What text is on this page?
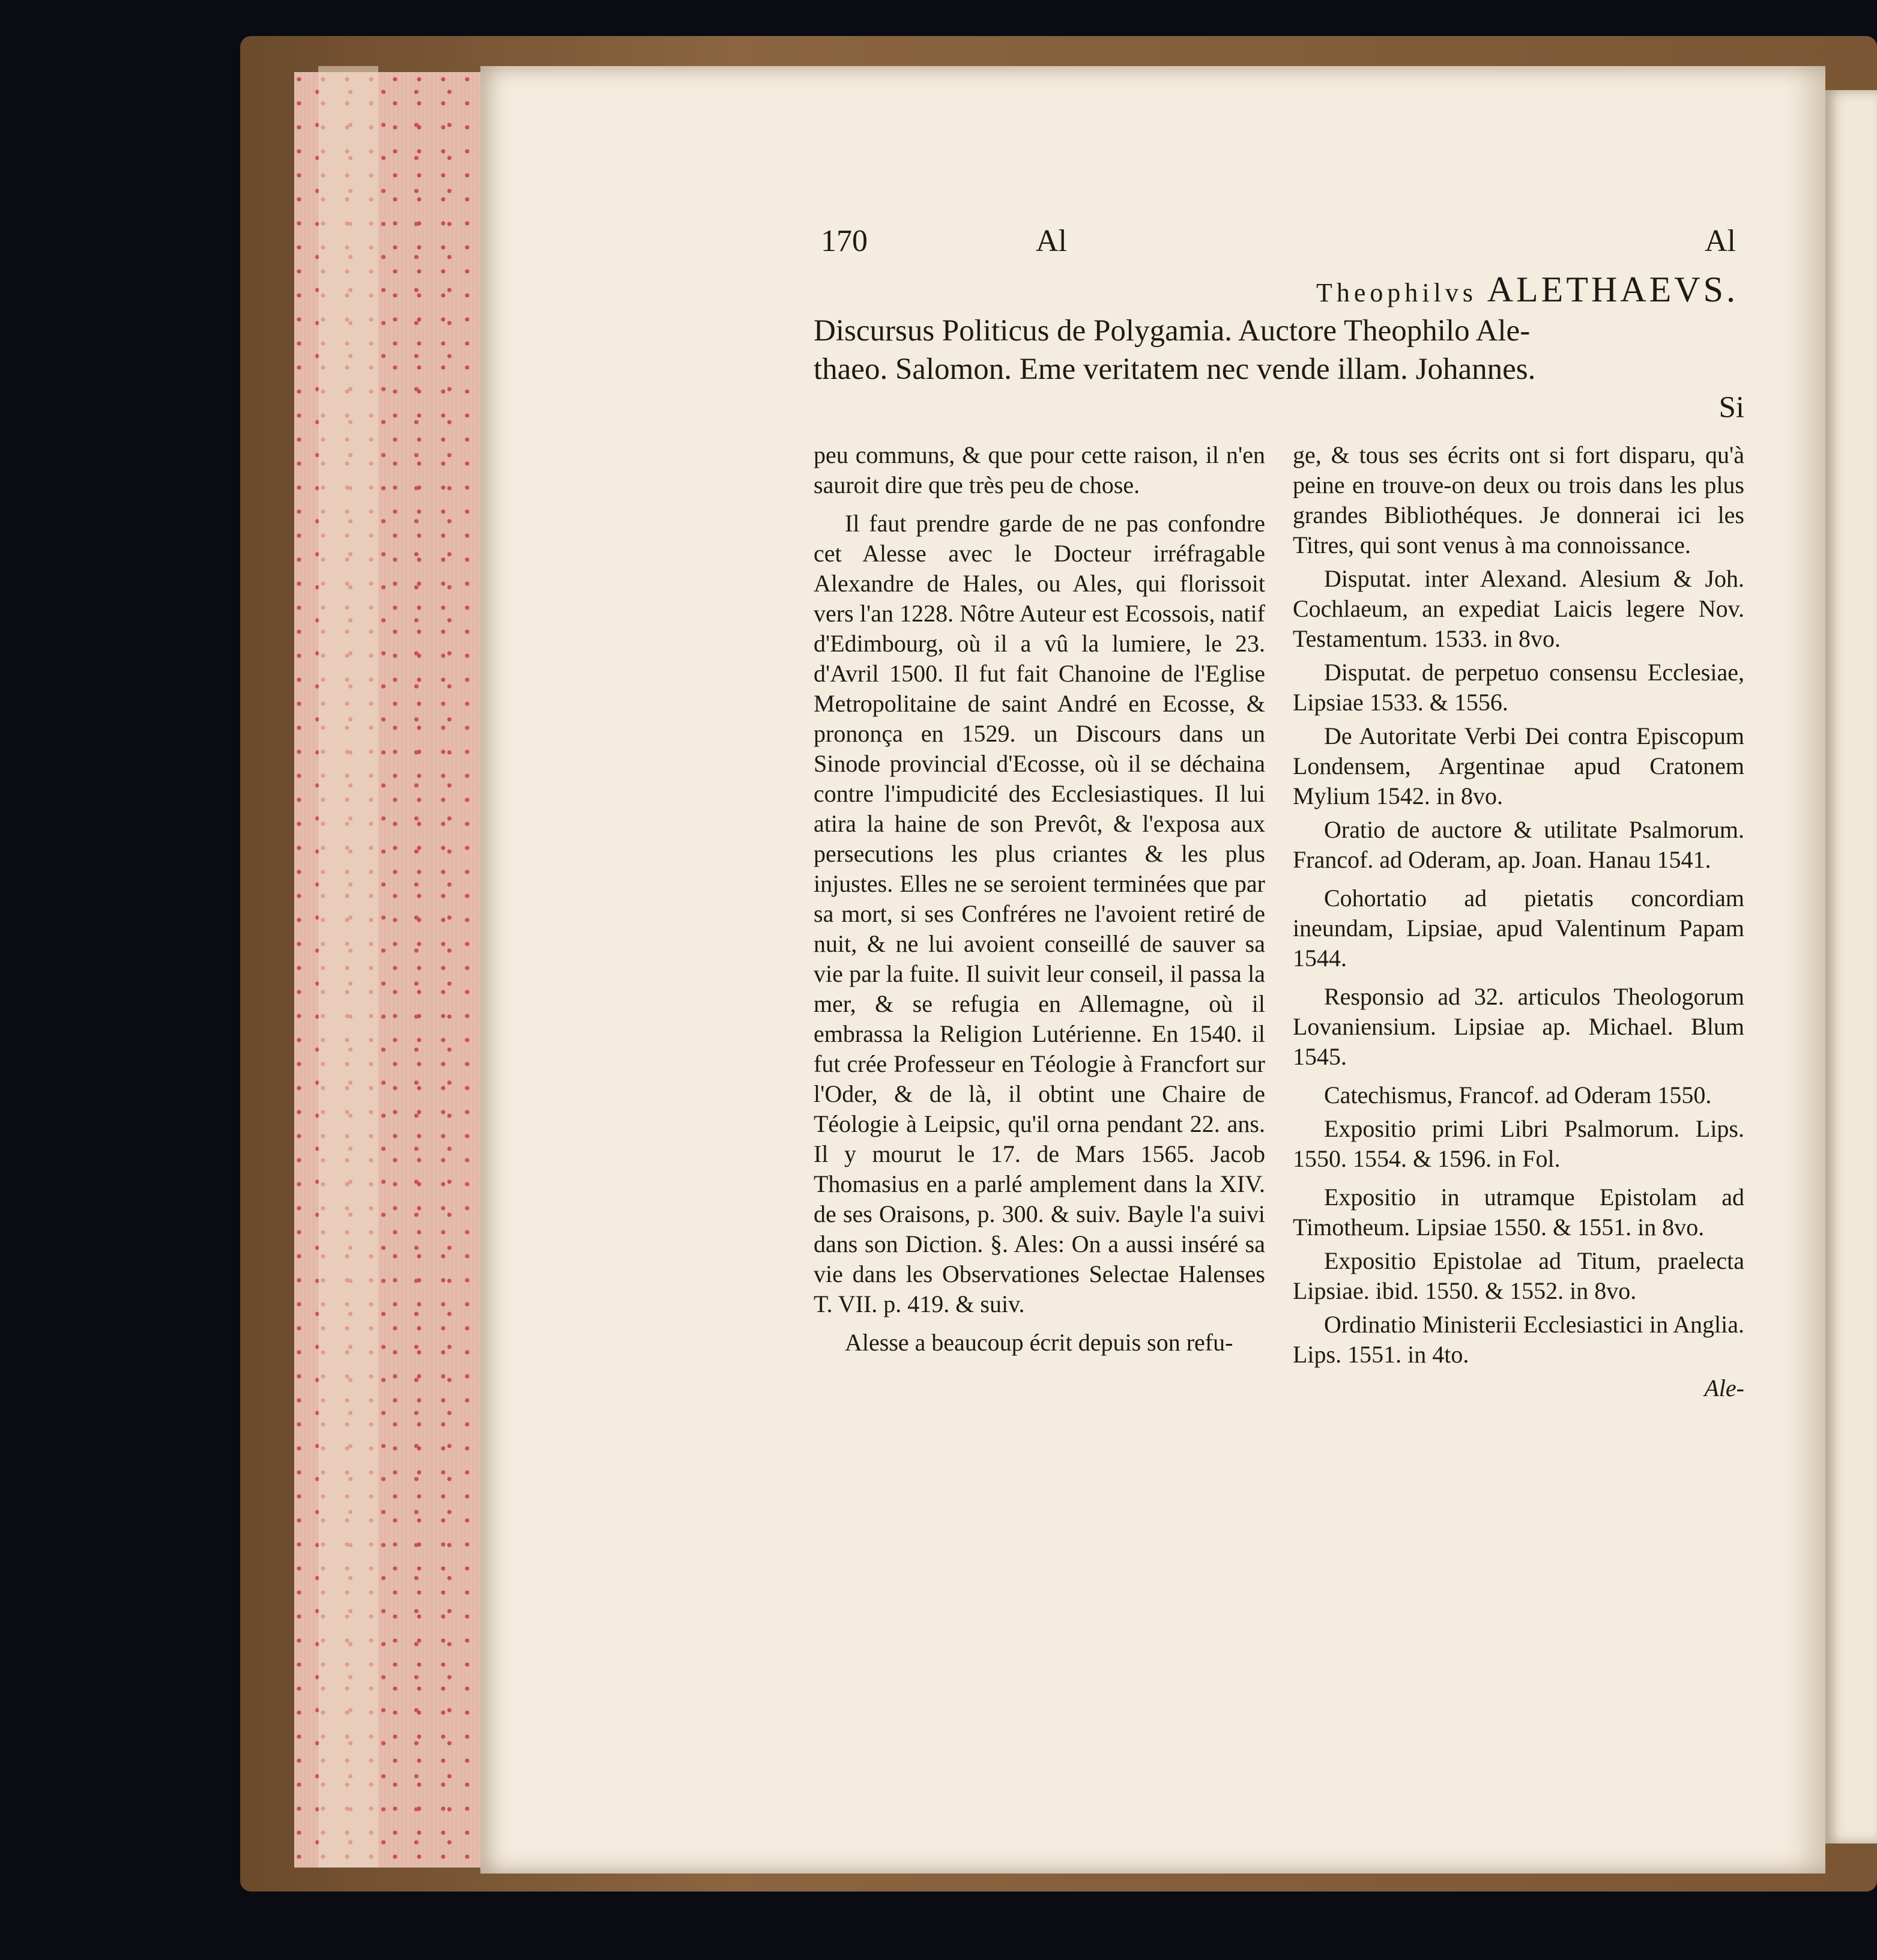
170	Al	Al
Theophilvs ALETHAEVS.

Discursus Politicus de Polygamia. Auctore Theophilo Ale-

thaeo. Salomon. Eme veritatem nec vende illam. Johannes.

Si

peu communs, & que pour cette raison, il n'en sauroit dire que très peu de chose.

Il faut prendre garde de ne pas confondre cet Alesse avec le Docteur irréfragable Alexandre de Hales, ou Ales, qui florissoit vers l'an 1228. Nôtre Auteur est Ecossois, natif d'Edimbourg, où il a vû la lumiere, le 23. d'Avril 1500. Il fut fait Chanoine de l'Eglise Metropolitaine de saint André en Ecosse, & prononça en 1529. un Discours dans un Sinode provincial d'Ecosse, où il se déchaina contre l'impudicité des Ecclesiastiques. Il lui atira la haine de son Prevôt, & l'exposa aux persecutions les plus criantes & les plus injustes. Elles ne se seroient terminées que par sa mort, si ses Confréres ne l'avoient retiré de nuit, & ne lui avoient conseillé de sauver sa vie par la fuite. Il suivit leur conseil, il passa la mer, & se refugia en Allemagne, où il embrassa la Religion Lutérienne. En 1540. il fut crée Professeur en Téologie à Francfort sur l'Oder, & de là, il obtint une Chaire de Téologie à Leipsic, qu'il orna pendant 22. ans. Il y mourut le 17. de Mars 1565. Jacob Thomasius en a parlé amplement dans la XIV. de ses Oraisons, p. 300. & suiv. Bayle l'a suivi dans son Diction. §. Ales: On a aussi inséré sa vie dans les Observationes Selectae Halenses T. VII. p. 419. & suiv.

Alesse a beaucoup écrit depuis son refu-

ge, & tous ses écrits ont si fort disparu, qu'à peine en trouve-on deux ou trois dans les plus grandes Bibliothéques. Je donnerai ici les Titres, qui sont venus à ma connoissance.

Disputat. inter Alexand. Alesium & Joh. Cochlaeum, an expediat Laicis legere Nov. Testamentum. 1533. in 8vo.

Disputat. de perpetuo consensu Ecclesiae, Lipsiae 1533. & 1556.

De Autoritate Verbi Dei contra Episcopum Londensem, Argentinae apud Cratonem Mylium 1542. in 8vo.

Oratio de auctore & utilitate Psalmorum. Francof. ad Oderam, ap. Joan. Hanau 1541.

Cohortatio ad pietatis concordiam ineundam, Lipsiae, apud Valentinum Papam 1544.

Responsio ad 32. articulos Theologorum Lovaniensium. Lipsiae ap. Michael. Blum 1545.

Catechismus, Francof. ad Oderam 1550.

Expositio primi Libri Psalmorum. Lips. 1550. 1554. & 1596. in Fol.

Expositio in utramque Epistolam ad Timotheum. Lipsiae 1550. & 1551. in 8vo.

Expositio Epistolae ad Titum, praelecta Lipsiae. ibid. 1550. & 1552. in 8vo.

Ordinatio Ministerii Ecclesiastici in Anglia. Lips. 1551. in 4to.

Ale-
